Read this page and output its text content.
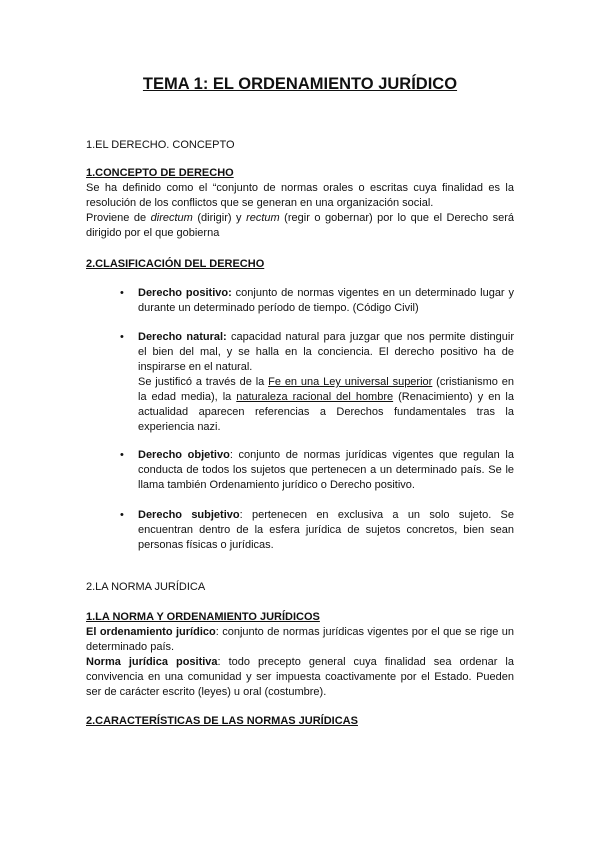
TEMA 1: EL ORDENAMIENTO JURÍDICO
1.EL DERECHO. CONCEPTO
1.CONCEPTO DE DERECHO
Se ha definido como el “conjunto de normas orales o escritas cuya finalidad es la resolución de los conflictos que se generan en una organización social.
Proviene de directum (dirigir) y rectum (regir o gobernar) por lo que el Derecho será dirigido por el que gobierna
2.CLASIFICACIÓN DEL DERECHO
• Derecho positivo: conjunto de normas vigentes en un determinado lugar y durante un determinado período de tiempo. (Código Civil)
• Derecho natural: capacidad natural para juzgar que nos permite distinguir el bien del mal, y se halla en la conciencia. El derecho positivo ha de inspirarse en el natural.
Se justificó a través de la Fe en una Ley universal superior (cristianismo en la edad media), la naturaleza racional del hombre (Renacimiento) y en la actualidad aparecen referencias a Derechos fundamentales tras la experiencia nazi.
• Derecho objetivo: conjunto de normas jurídicas vigentes que regulan la conducta de todos los sujetos que pertenecen a un determinado país. Se le llama también Ordenamiento jurídico o Derecho positivo.
• Derecho subjetivo: pertenecen en exclusiva a un solo sujeto. Se encuentran dentro de la esfera jurídica de sujetos concretos, bien sean personas físicas o jurídicas.
2.LA NORMA JURÍDICA
1.LA NORMA Y ORDENAMIENTO JURÍDICOS
El ordenamiento jurídico: conjunto de normas jurídicas vigentes por el que se rige un determinado país.
Norma jurídica positiva: todo precepto general cuya finalidad sea ordenar la convivencia en una comunidad y ser impuesta coactivamente por el Estado. Pueden ser de carácter escrito (leyes) u oral (costumbre).
2.CARACTERÍSTICAS DE LAS NORMAS JURÍDICAS
